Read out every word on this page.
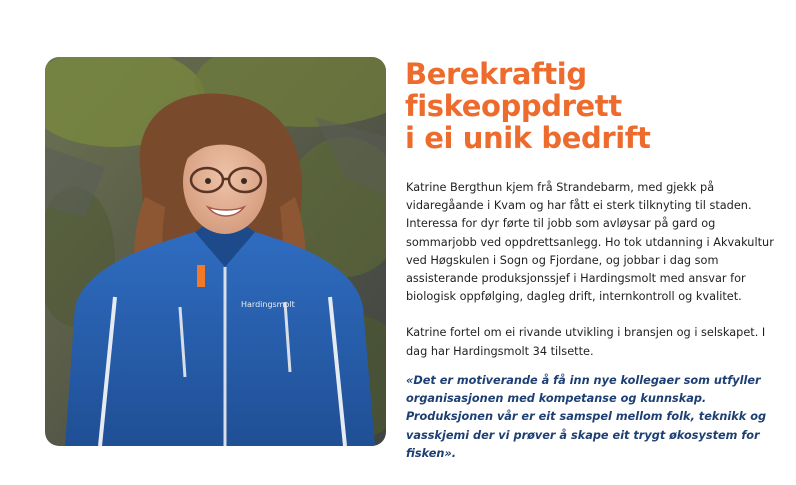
Hardingsmolt
Berekraftig
fiskeoppdrett
i ei unik bedrift

Katrine Bergthun kjem frå Strandebarm, med gjekk på vidaregåande i Kvam og har fått ei sterk tilknyting til staden. Interessa for dyr førte til jobb som avløysar på gard og sommarjobb ved oppdrettsanlegg. Ho tok utdanning i Akvakultur ved Høgskulen i Sogn og Fjordane, og jobbar i dag som assisterande produksjonssjef i Hardingsmolt med ansvar for biologisk oppfølging, dagleg drift, internkontroll og kvalitet.

Katrine fortel om ei rivande utvikling i bransjen og i selskapet. I dag har Hardingsmolt 34 tilsette.

«Det er motiverande å få inn nye kollegaer som utfyller organisasjonen med kompetanse og kunnskap. Produksjonen vår er eit samspel mellom folk, teknikk og vasskjemi der vi prøver å skape eit trygt økosystem for fisken».
